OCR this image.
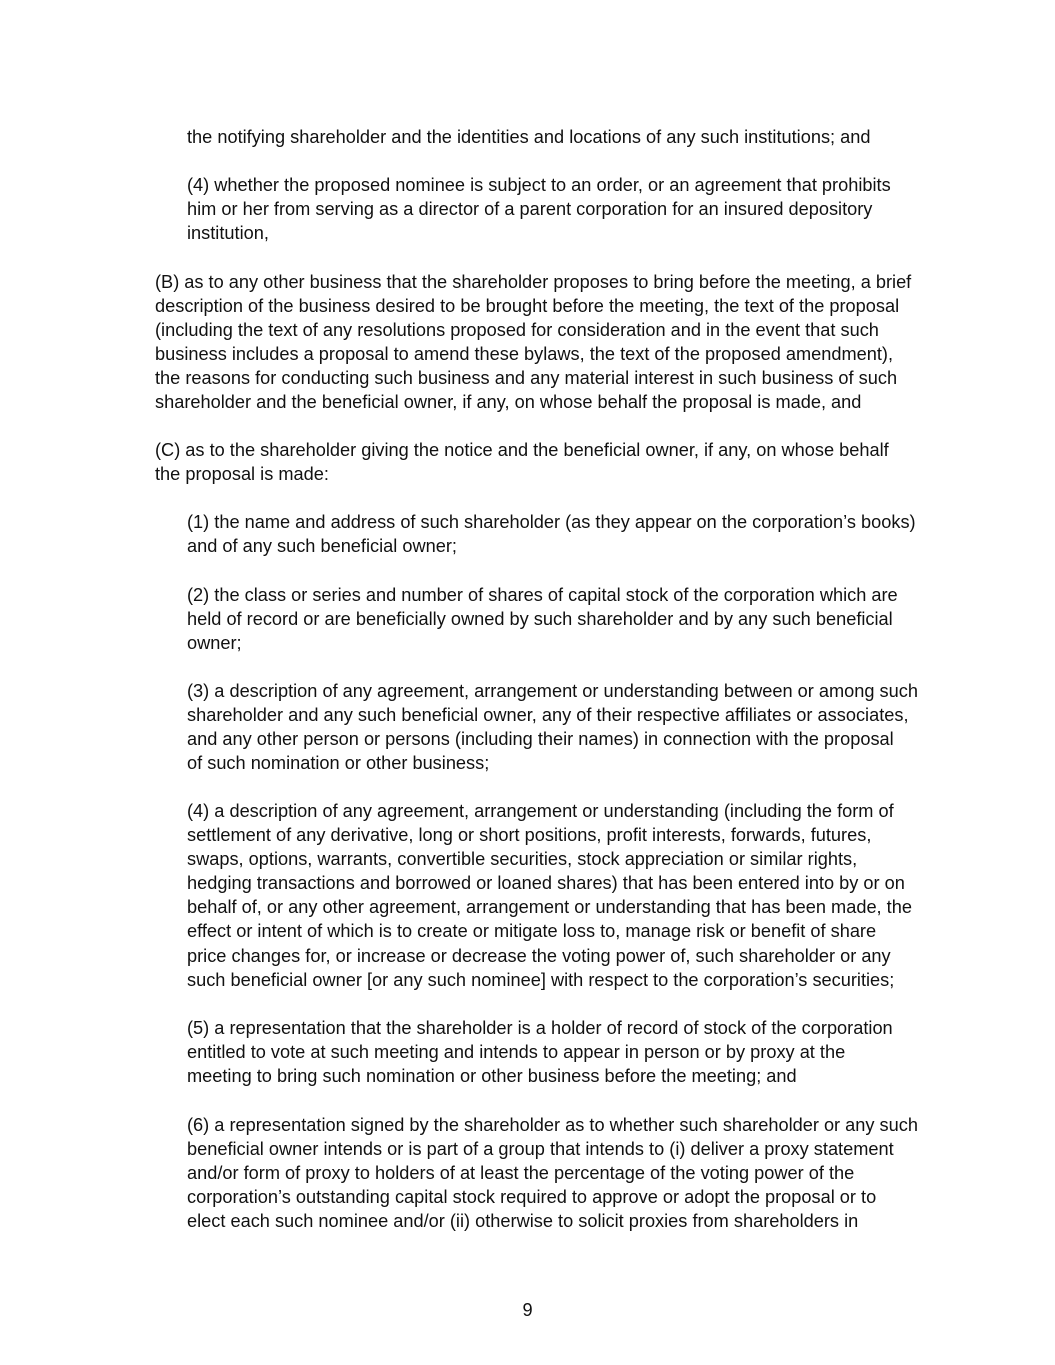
the notifying shareholder and the identities and locations of any such institutions; and

(4) whether the proposed nominee is subject to an order, or an agreement that prohibits
him or her from serving as a director of a parent corporation for an insured depository
institution,

(B) as to any other business that the shareholder proposes to bring before the meeting, a brief
description of the business desired to be brought before the meeting, the text of the proposal
(including the text of any resolutions proposed for consideration and in the event that such
business includes a proposal to amend these bylaws, the text of the proposed amendment),
the reasons for conducting such business and any material interest in such business of such
shareholder and the beneficial owner, if any, on whose behalf the proposal is made, and

(C) as to the shareholder giving the notice and the beneficial owner, if any, on whose behalf
the proposal is made:

(1) the name and address of such shareholder (as they appear on the corporation’s books)
and of any such beneficial owner;

(2) the class or series and number of shares of capital stock of the corporation which are
held of record or are beneficially owned by such shareholder and by any such beneficial
owner;

(3) a description of any agreement, arrangement or understanding between or among such
shareholder and any such beneficial owner, any of their respective affiliates or associates,
and any other person or persons (including their names) in connection with the proposal
of such nomination or other business;

(4) a description of any agreement, arrangement or understanding (including the form of
settlement of any derivative, long or short positions, profit interests, forwards, futures,
swaps, options, warrants, convertible securities, stock appreciation or similar rights,
hedging transactions and borrowed or loaned shares) that has been entered into by or on
behalf of, or any other agreement, arrangement or understanding that has been made, the
effect or intent of which is to create or mitigate loss to, manage risk or benefit of share
price changes for, or increase or decrease the voting power of, such shareholder or any
such beneficial owner [or any such nominee] with respect to the corporation’s securities;

(5) a representation that the shareholder is a holder of record of stock of the corporation
entitled to vote at such meeting and intends to appear in person or by proxy at the
meeting to bring such nomination or other business before the meeting; and

(6) a representation signed by the shareholder as to whether such shareholder or any such
beneficial owner intends or is part of a group that intends to (i) deliver a proxy statement
and/or form of proxy to holders of at least the percentage of the voting power of the
corporation’s outstanding capital stock required to approve or adopt the proposal or to
elect each such nominee and/or (ii) otherwise to solicit proxies from shareholders in

9
